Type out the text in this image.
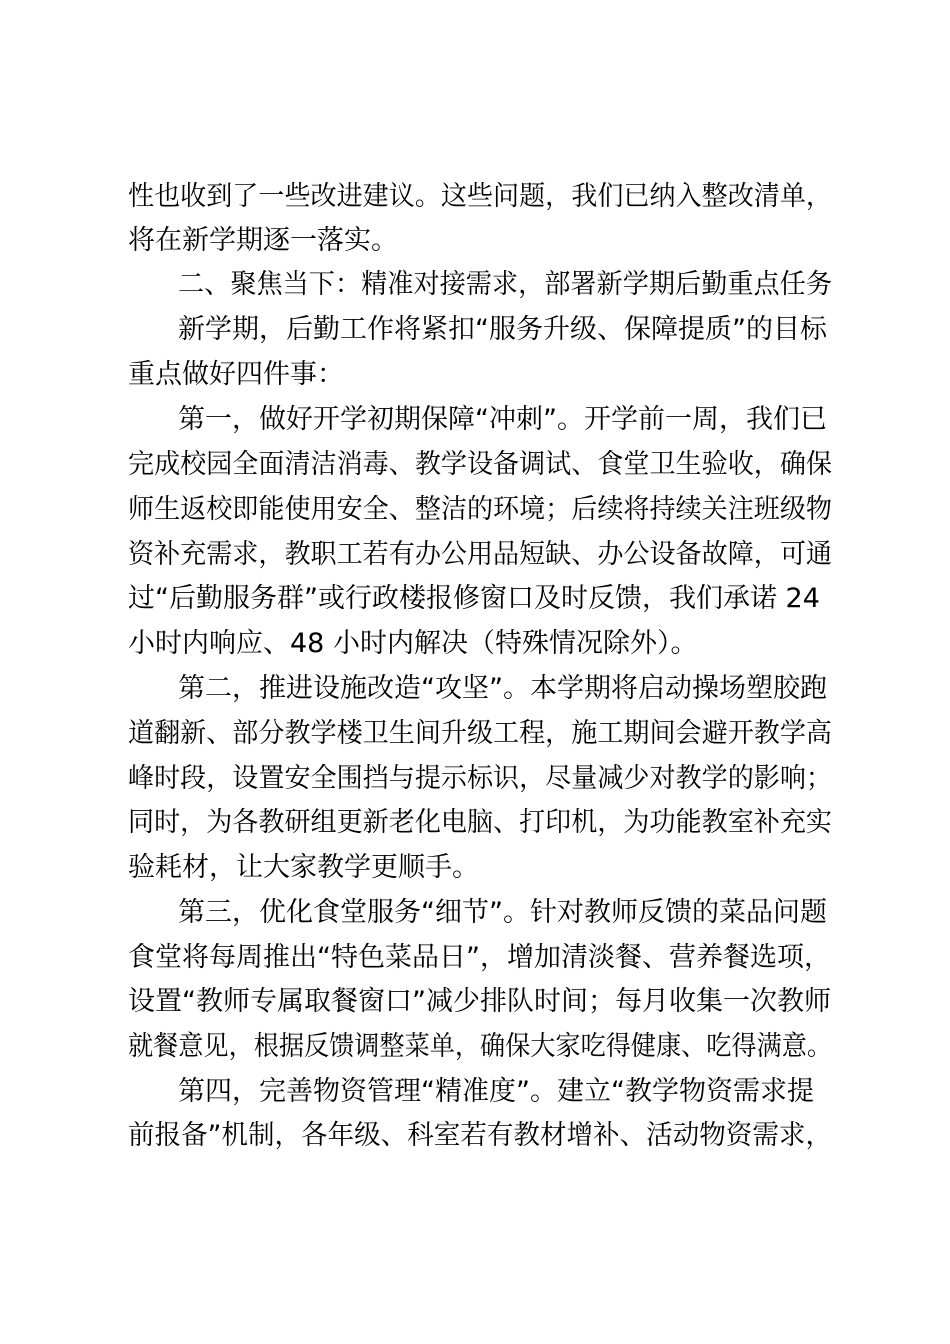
性也收到了一些改进建议。这些问题，我们已纳入整改清单，
将在新学期逐一落实。
二、聚焦当下：精准对接需求，部署新学期后勤重点任务
新学期，后勤工作将紧扣“服务升级、保障提质”的目标
重点做好四件事：
第一，做好开学初期保障“冲刺”。开学前一周，我们已
完成校园全面清洁消毒、教学设备调试、食堂卫生验收，确保
师生返校即能使用安全、整洁的环境；后续将持续关注班级物
资补充需求，教职工若有办公用品短缺、办公设备故障，可通
过“后勤服务群”或行政楼报修窗口及时反馈，我们承诺 24
小时内响应、48 小时内解决（特殊情况除外）。
第二，推进设施改造“攻坚”。本学期将启动操场塑胶跑
道翻新、部分教学楼卫生间升级工程，施工期间会避开教学高
峰时段，设置安全围挡与提示标识，尽量减少对教学的影响；
同时，为各教研组更新老化电脑、打印机，为功能教室补充实
验耗材，让大家教学更顺手。
第三，优化食堂服务“细节”。针对教师反馈的菜品问题
食堂将每周推出“特色菜品日”，增加清淡餐、营养餐选项，
设置“教师专属取餐窗口”减少排队时间；每月收集一次教师
就餐意见，根据反馈调整菜单，确保大家吃得健康、吃得满意。
第四，完善物资管理“精准度”。建立“教学物资需求提
前报备”机制，各年级、科室若有教材增补、活动物资需求，
